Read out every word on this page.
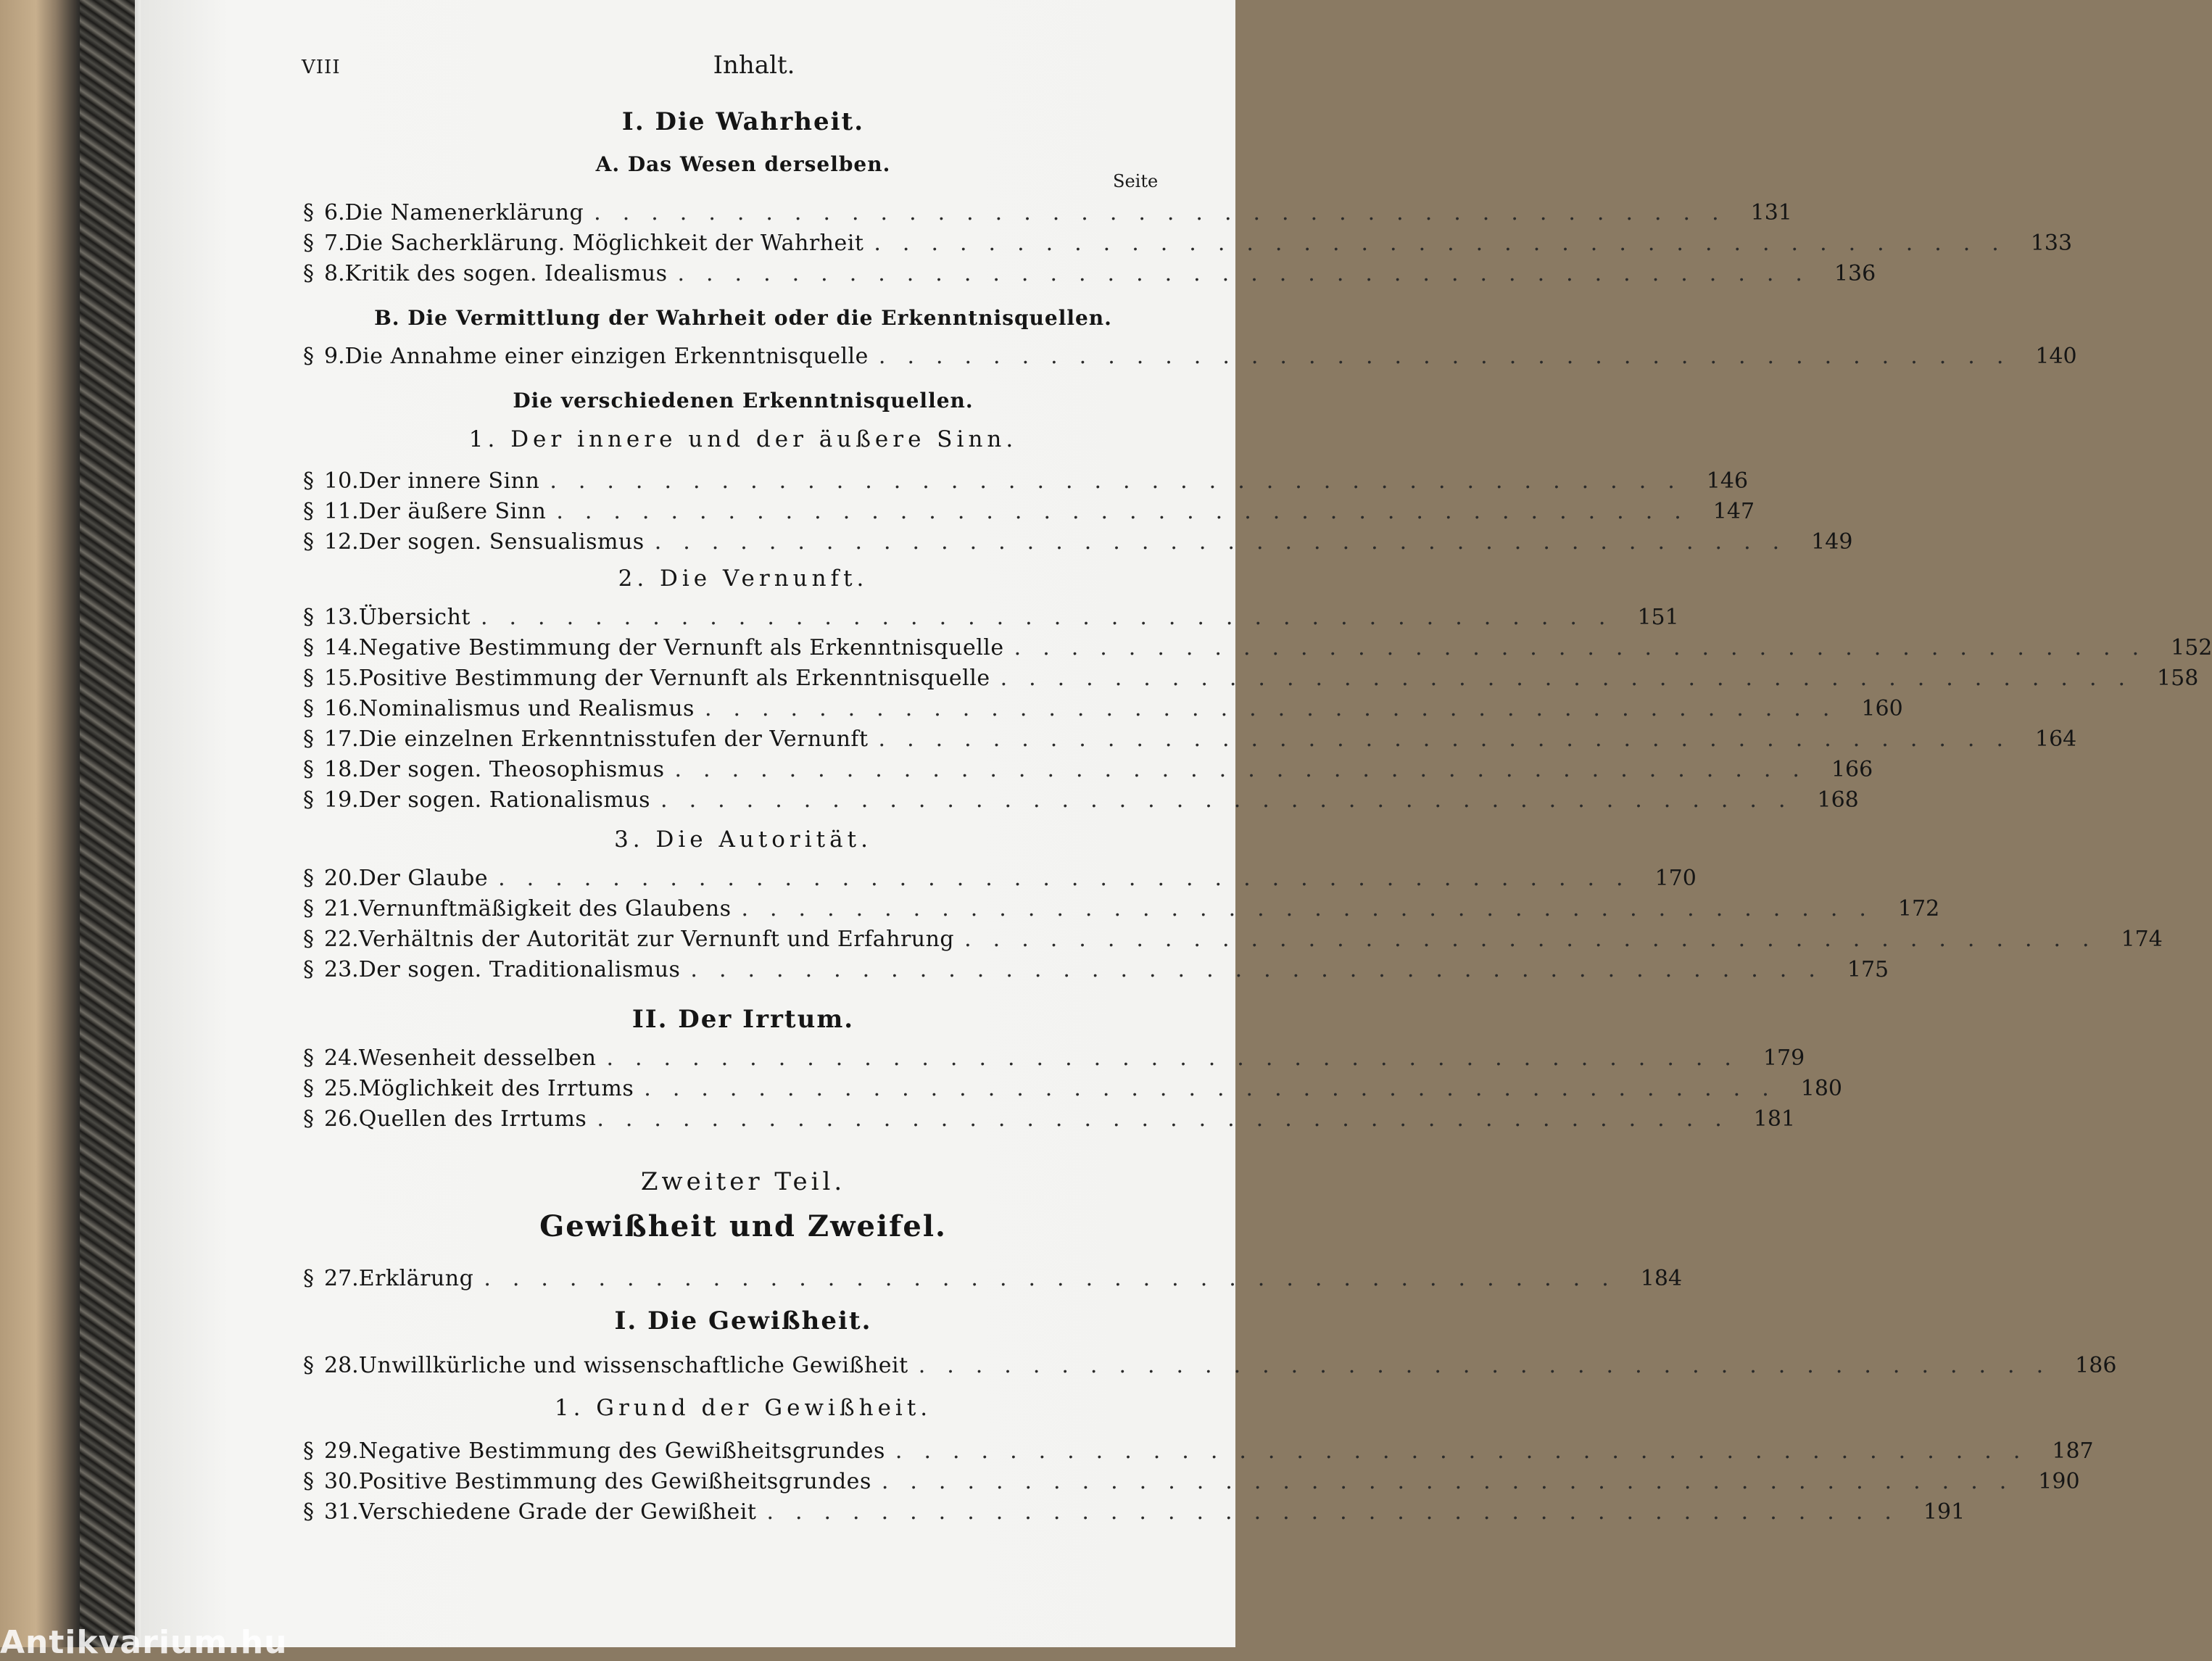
VIII	Inhalt.
Seite
I. Die Wahrheit.
A. Das Wesen derselben.
§ 6. Die Namenerklärung ........................................ 131
§ 7. Die Sacherklärung. Möglichkeit der Wahrheit ........................................ 133
§ 8. Kritik des sogen. Idealismus ........................................ 136
B. Die Vermittlung der Wahrheit oder die Erkenntnisquellen.
§ 9. Die Annahme einer einzigen Erkenntnisquelle ........................................ 140
Die verschiedenen Erkenntnisquellen.
1. Der innere und der äußere Sinn.
§ 10. Der innere Sinn ........................................ 146
§ 11. Der äußere Sinn ........................................ 147
§ 12. Der sogen. Sensualismus ........................................ 149
2. Die Vernunft.
§ 13. Übersicht ........................................ 151
§ 14. Negative Bestimmung der Vernunft als Erkenntnisquelle ........................................ 152
§ 15. Positive Bestimmung der Vernunft als Erkenntnisquelle ........................................ 158
§ 16. Nominalismus und Realismus ........................................ 160
§ 17. Die einzelnen Erkenntnisstufen der Vernunft ........................................ 164
§ 18. Der sogen. Theosophismus ........................................ 166
§ 19. Der sogen. Rationalismus ........................................ 168
3. Die Autorität.
§ 20. Der Glaube ........................................ 170
§ 21. Vernunftmäßigkeit des Glaubens ........................................ 172
§ 22. Verhältnis der Autorität zur Vernunft und Erfahrung ........................................ 174
§ 23. Der sogen. Traditionalismus ........................................ 175
II. Der Irrtum.
§ 24. Wesenheit desselben ........................................ 179
§ 25. Möglichkeit des Irrtums ........................................ 180
§ 26. Quellen des Irrtums ........................................ 181
Zweiter Teil.
Gewißheit und Zweifel.
§ 27. Erklärung ........................................ 184
I. Die Gewißheit.
§ 28. Unwillkürliche und wissenschaftliche Gewißheit ........................................ 186
1. Grund der Gewißheit.
§ 29. Negative Bestimmung des Gewißheitsgrundes ........................................ 187
§ 30. Positive Bestimmung des Gewißheitsgrundes ........................................ 190
§ 31. Verschiedene Grade der Gewißheit ........................................ 191
Antikvarium.hu
